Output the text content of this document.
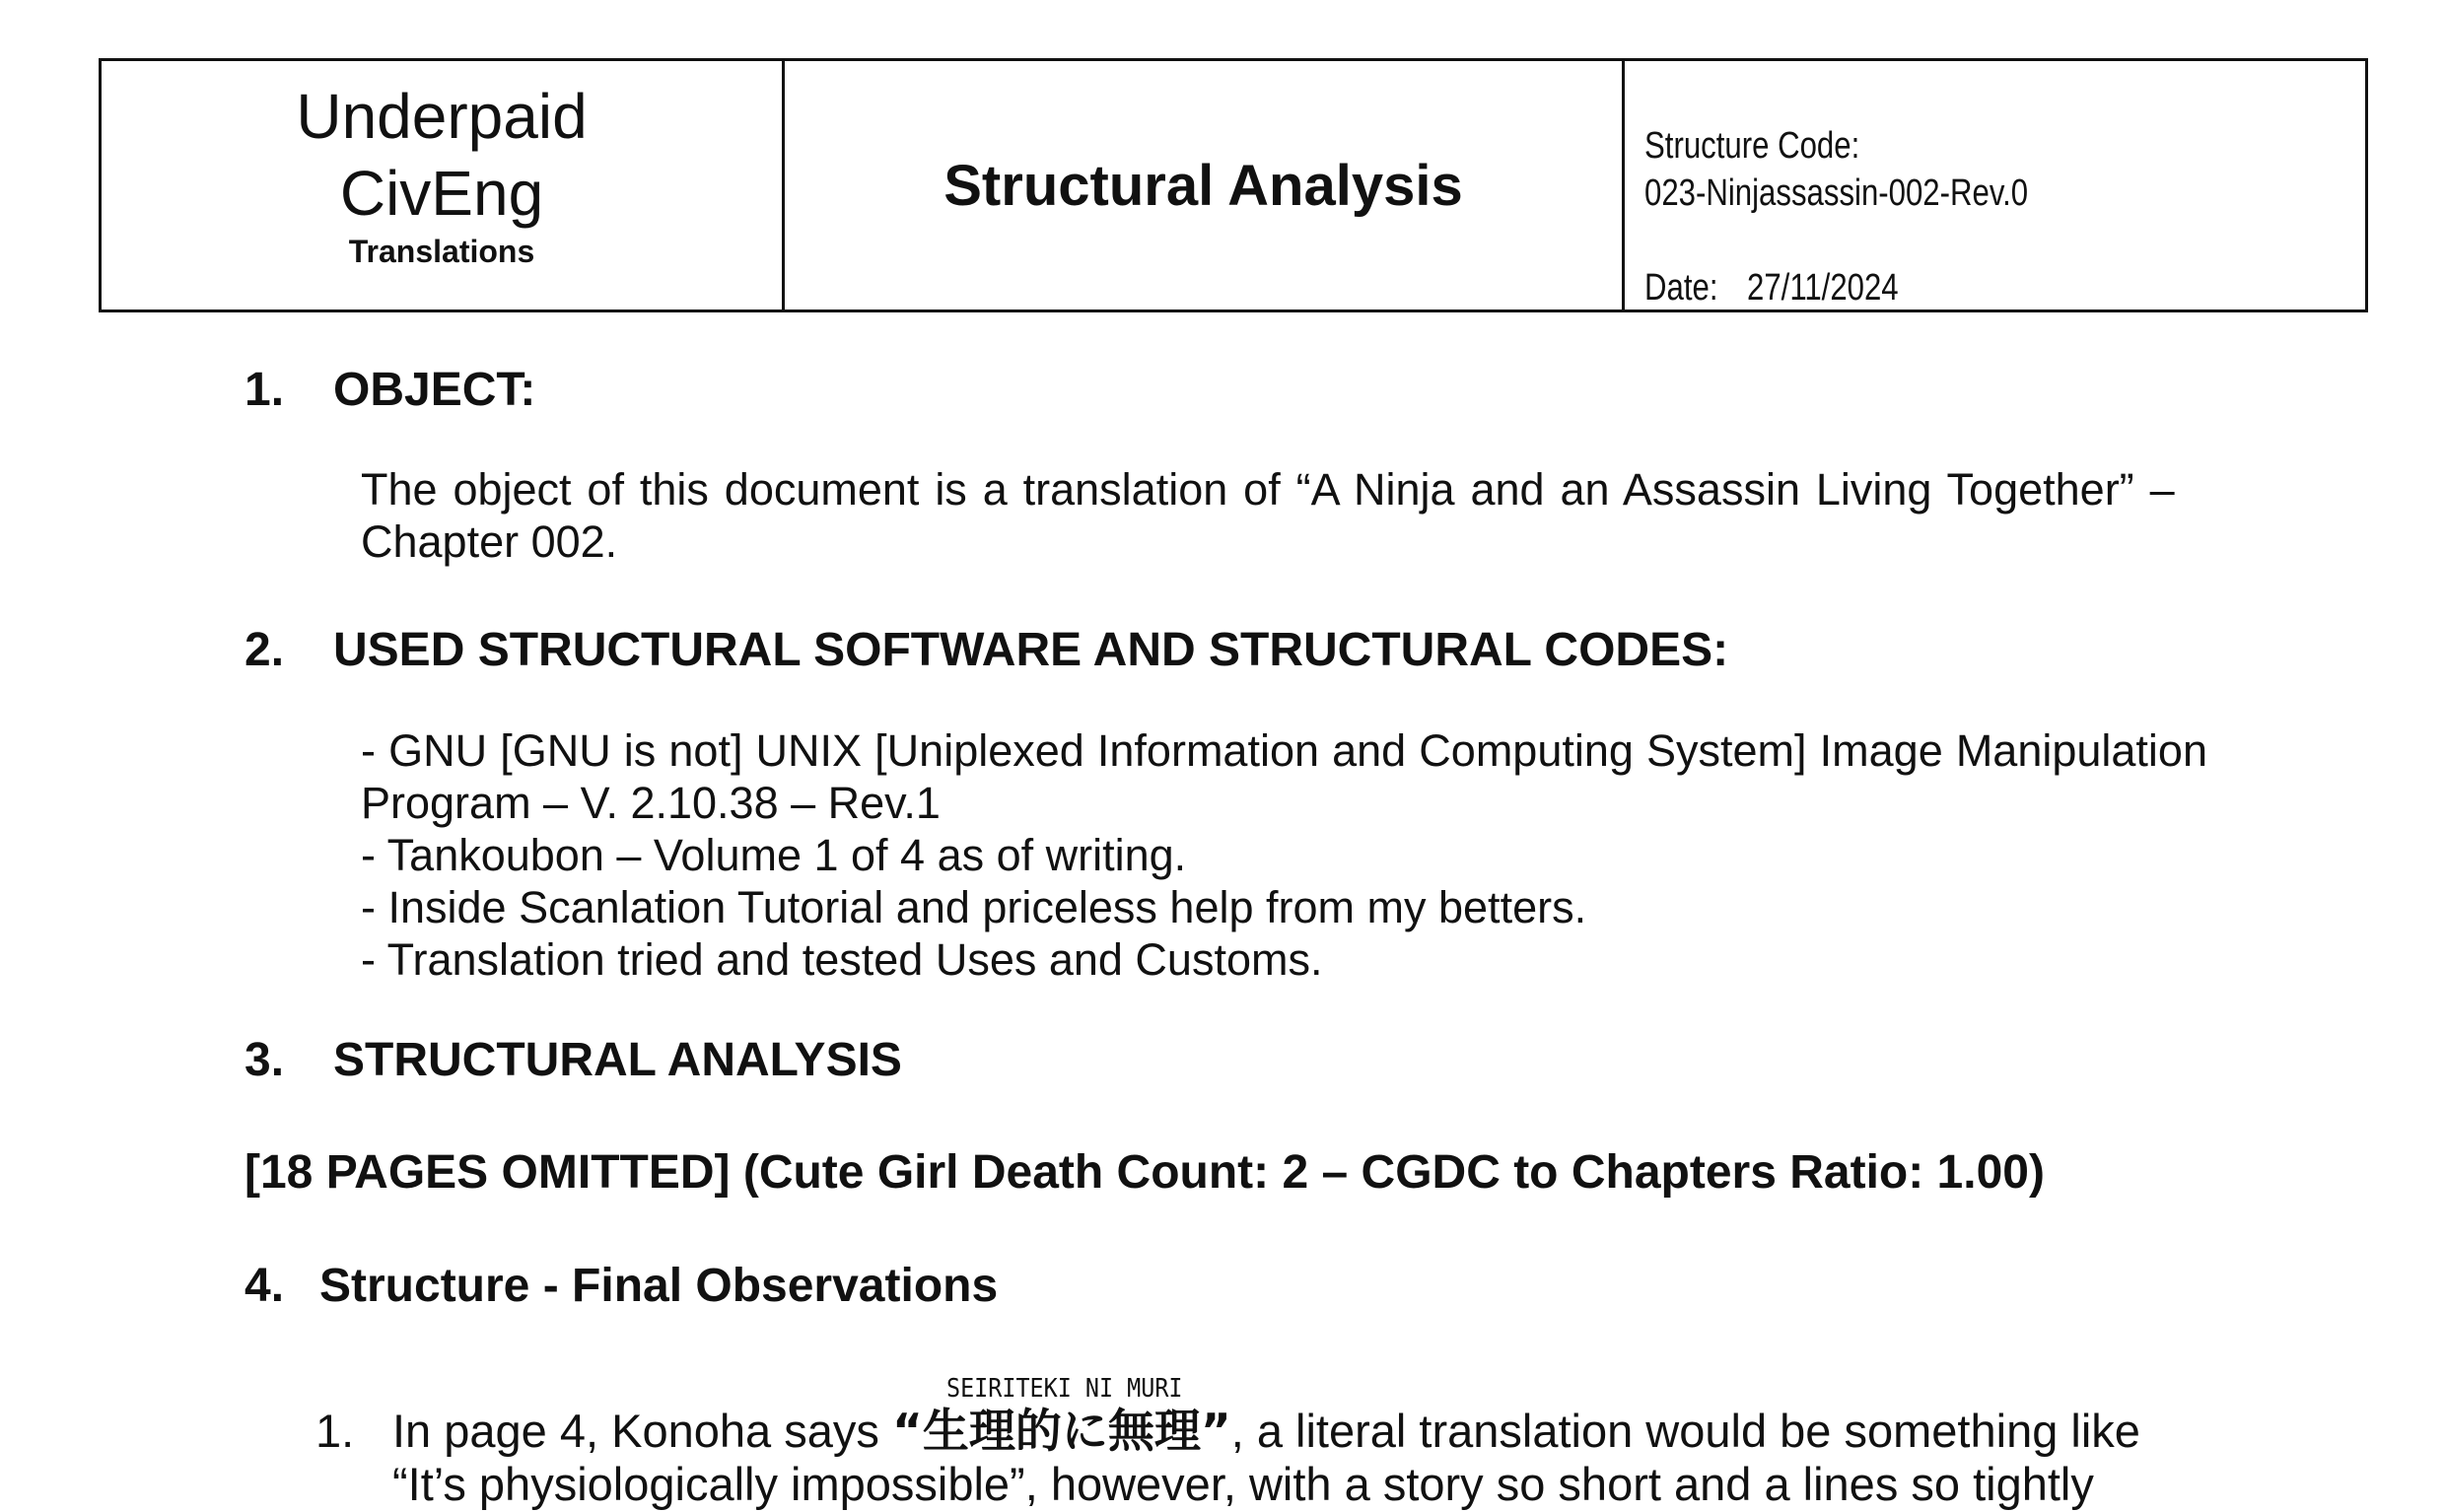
Underpaid
CivEng
Translations
Structural Analysis
Structure Code:
023-Ninjassassin-002-Rev.0
Date: 27/11/2024
1. OBJECT:
The object of this document is a translation of “A Ninja and an Assassin Living Together” –
Chapter 002.
2. USED STRUCTURAL SOFTWARE AND STRUCTURAL CODES:
- GNU [GNU is not] UNIX [Uniplexed Information and Computing System] Image Manipulation
Program – V. 2.10.38 – Rev.1
- Tankoubon – Volume 1 of 4 as of writing.
- Inside Scanlation Tutorial and priceless help from my betters.
- Translation tried and tested Uses and Customs.
3. STRUCTURAL ANALYSIS
[18 PAGES OMITTED] (Cute Girl Death Count: 2 – CGDC to Chapters Ratio: 1.00)
4. Structure - Final Observations
SEIRITEKI NI MURI
1. In page 4, Konoha says “生理的に無理”, a literal translation would be something like
“It’s physiologically impossible”, however, with a story so short and a lines so tightly
